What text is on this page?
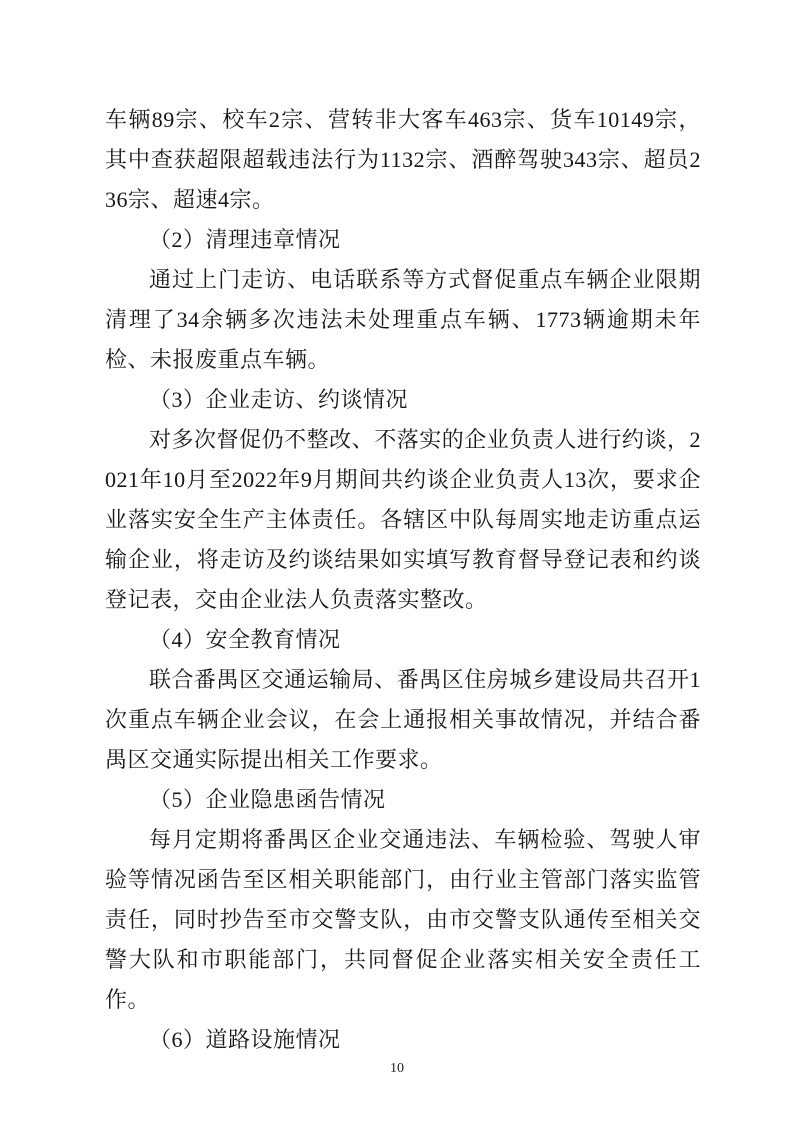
车辆89宗、校车2宗、营转非大客车463宗、货车10149宗，其中查获超限超载违法行为1132宗、酒醉驾驶343宗、超员236宗、超速4宗。

（2）清理违章情况

通过上门走访、电话联系等方式督促重点车辆企业限期清理了34余辆多次违法未处理重点车辆、1773辆逾期未年检、未报废重点车辆。

（3）企业走访、约谈情况

对多次督促仍不整改、不落实的企业负责人进行约谈，2021年10月至2022年9月期间共约谈企业负责人13次，要求企业落实安全生产主体责任。各辖区中队每周实地走访重点运输企业，将走访及约谈结果如实填写教育督导登记表和约谈登记表，交由企业法人负责落实整改。

（4）安全教育情况

联合番禺区交通运输局、番禺区住房城乡建设局共召开1次重点车辆企业会议，在会上通报相关事故情况，并结合番禺区交通实际提出相关工作要求。

（5）企业隐患函告情况

每月定期将番禺区企业交通违法、车辆检验、驾驶人审验等情况函告至区相关职能部门，由行业主管部门落实监管责任，同时抄告至市交警支队，由市交警支队通传至相关交警大队和市职能部门，共同督促企业落实相关安全责任工作。

（6）道路设施情况

10
